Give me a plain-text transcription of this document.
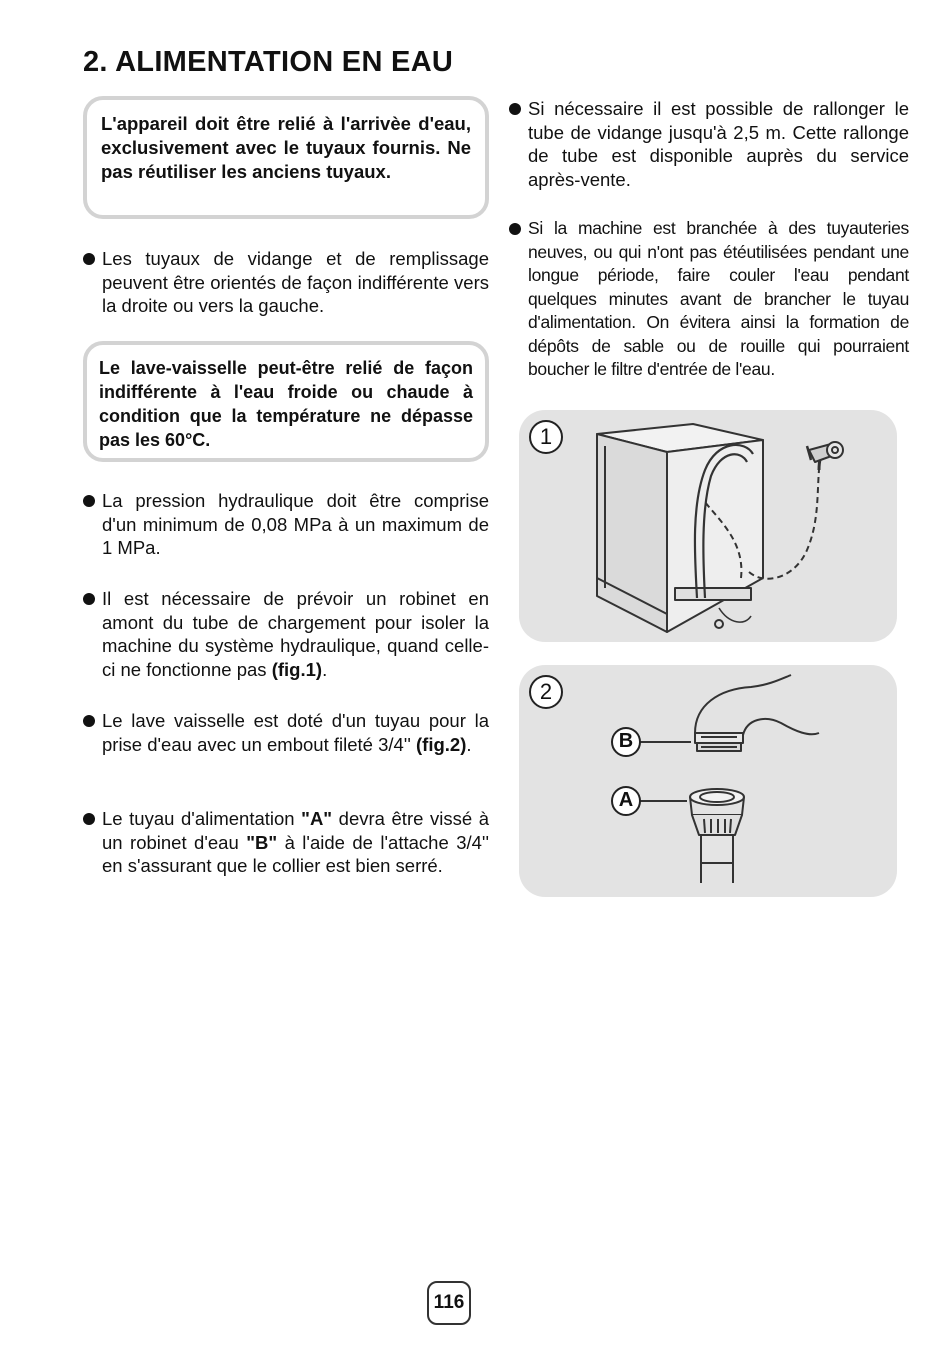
2. ALIMENTATION EN EAU
L'appareil doit être relié à l'arrivèe d'eau, exclusivement avec le tuyaux fournis. Ne pas réutiliser les anciens tuyaux.
Les tuyaux de vidange et de remplissage peuvent être orientés de façon indifférente vers la droite ou vers la gauche.
Le lave-vaisselle peut-être relié de façon indifférente à l'eau froide ou chaude à condition que la température ne dépasse pas les 60°C.
La pression hydraulique doit être comprise d'un minimum de 0,08 MPa à un maximum de 1 MPa.
Il est nécessaire de prévoir un robinet en amont du tube de chargement pour isoler la machine du système hydraulique, quand celle-ci ne fonctionne pas (fig.1).
Le lave vaisselle est doté d'un tuyau pour la prise d'eau avec un embout fileté 3/4'' (fig.2).
Le tuyau d'alimentation "A" devra être vissé à un robinet d'eau "B" à l'aide de l'attache 3/4'' en s'assurant que le collier est bien serré.
Si nécessaire il est possible de rallonger le tube de vidange jusqu'à 2,5 m. Cette rallonge de tube est disponible auprès du service après-vente.
Si la machine est branchée à des tuyauteries neuves, ou qui n'ont pas étéutilisées pendant une longue période, faire couler l'eau pendant quelques minutes avant de brancher le tuyau d'alimentation. On évitera ainsi la formation de dépôts de sable ou de rouille qui pourraient boucher le filtre d'entrée de l'eau.
1
2
B
A
116
